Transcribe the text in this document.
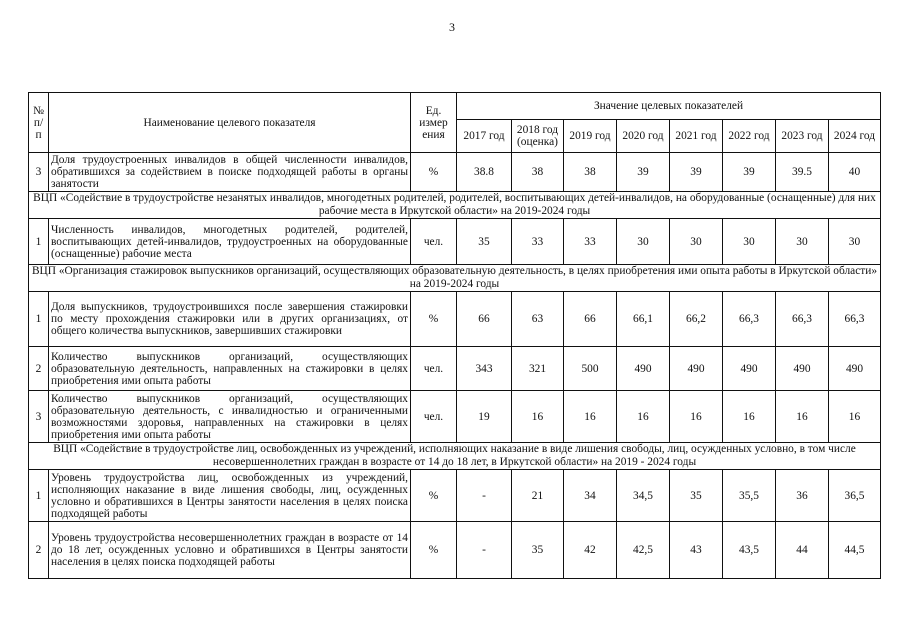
3
№ п/п	Наименование целевого показателя	Ед. измер ения	Значение целевых показателей							
			2017 год	2018 год (оценка)	2019 год	2020 год	2021 год	2022 год	2023 год	2024 год
3	Доля трудоустроенных инвалидов в общей численности инвалидов, обратившихся за содействием в поиске подходящей работы в органы занятости	%	38.8	38	38	39	39	39	39.5	40
ВЦП «Содействие в трудоустройстве незанятых инвалидов, многодетных родителей, родителей, воспитывающих детей-инвалидов, на оборудованные (оснащенные) для них рабочие места в Иркутской области» на 2019-2024 годы										
1	Численность инвалидов, многодетных родителей, родителей, воспитывающих детей-инвалидов, трудоустроенных на оборудованные (оснащенные) рабочие места	чел.	35	33	33	30	30	30	30	30
ВЦП «Организация стажировок выпускников организаций, осуществляющих образовательную деятельность, в целях приобретения ими опыта работы в Иркутской области» на 2019-2024 годы										
1	Доля выпускников, трудоустроившихся после завершения стажировки по месту прохождения стажировки или в других организациях, от общего количества выпускников, завершивших стажировки	%	66	63	66	66,1	66,2	66,3	66,3	66,3
2	Количество выпускников организаций, осуществляющих образовательную деятельность, направленных на стажировки в целях приобретения ими опыта работы	чел.	343	321	500	490	490	490	490	490
3	Количество выпускников организаций, осуществляющих образовательную деятельность, с инвалидностью и ограниченными возможностями здоровья, направленных на стажировки в целях приобретения ими опыта работы	чел.	19	16	16	16	16	16	16	16
ВЦП «Содействие в трудоустройстве лиц, освобожденных из учреждений, исполняющих наказание в виде лишения свободы, лиц, осужденных условно, в том числе несовершеннолетних граждан в возрасте от 14 до 18 лет, в Иркутской области» на 2019 - 2024 годы										
1	Уровень трудоустройства лиц, освобожденных из учреждений, исполняющих наказание в виде лишения свободы, лиц, осужденных условно и обратившихся в Центры занятости населения в целях поиска подходящей работы	%	-	21	34	34,5	35	35,5	36	36,5
2	Уровень трудоустройства несовершеннолетних граждан в возрасте от 14 до 18 лет, осужденных условно и обратившихся в Центры занятости населения в целях поиска подходящей работы	%	-	35	42	42,5	43	43,5	44	44,5
